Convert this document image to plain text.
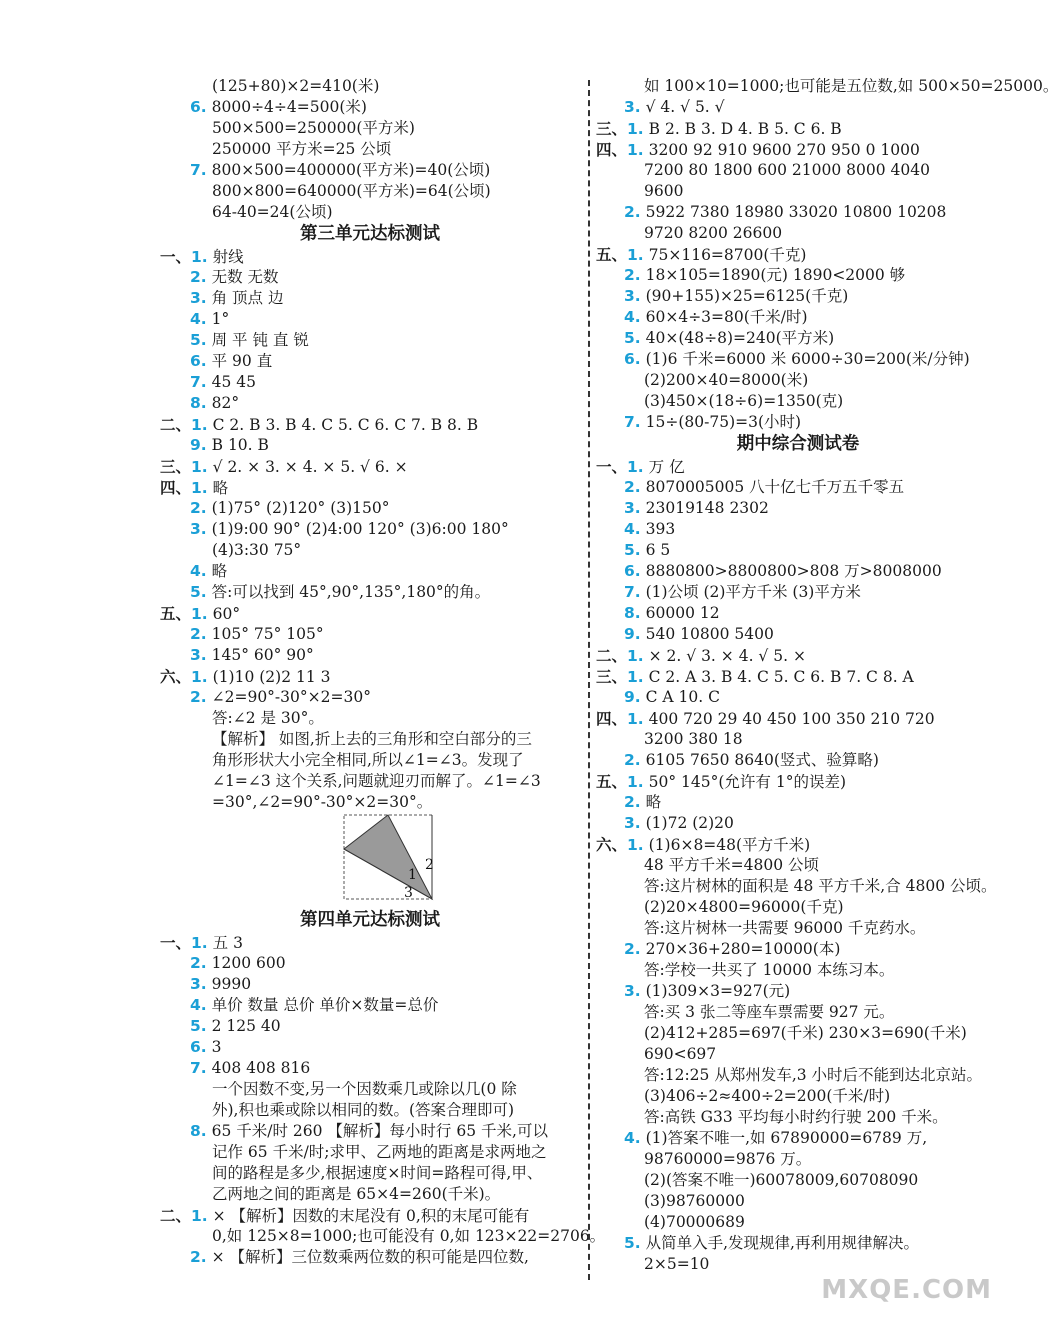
(125+80)×2=410(米)
6. 8000÷4÷4=500(米)
500×500=250000(平方米)
250000 平方米=25 公顷
7. 800×500=400000(平方米)=40(公顷)
800×800=640000(平方米)=64(公顷)
64-40=24(公顷)
第三单元达标测试
一、1. 射线
2. 无数 无数
3. 角 顶点 边
4. 1°
5. 周 平 钝 直 锐
6. 平 90 直
7. 45 45
8. 82°
二、1. C 2. B 3. B 4. C 5. C 6. C 7. B 8. B
9. B 10. B
三、1. √ 2. × 3. × 4. × 5. √ 6. ×
四、1. 略
2. (1)75° (2)120° (3)150°
3. (1)9:00 90° (2)4:00 120° (3)6:00 180°
(4)3:30 75°
4. 略
5. 答:可以找到 45°,90°,135°,180°的角。
五、1. 60°
2. 105° 75° 105°
3. 145° 60° 90°
六、1. (1)10 (2)2 11 3
2. ∠2=90°-30°×2=30°
答:∠2 是 30°。
【解析】 如图,折上去的三角形和空白部分的三
角形形状大小完全相同,所以∠1=∠3。发现了
∠1=∠3 这个关系,问题就迎刃而解了。∠1=∠3
=30°,∠2=90°-30°×2=30°。
1
2
3
第四单元达标测试
一、1. 五 3
2. 1200 600
3. 9990
4. 单价 数量 总价 单价×数量=总价
5. 2 125 40
6. 3
7. 408 408 816
一个因数不变,另一个因数乘几或除以几(0 除
外),积也乘或除以相同的数。(答案合理即可)
8. 65 千米/时 260 【解析】每小时行 65 千米,可以
记作 65 千米/时;求甲、乙两地的距离是求两地之
间的路程是多少,根据速度×时间=路程可得,甲、
乙两地之间的距离是 65×4=260(千米)。
二、1. × 【解析】因数的末尾没有 0,积的末尾可能有
0,如 125×8=1000;也可能没有 0,如 123×22=2706。
2. × 【解析】三位数乘两位数的积可能是四位数,
如 100×10=1000;也可能是五位数,如 500×50=25000。
3. √ 4. √ 5. √
三、1. B 2. B 3. D 4. B 5. C 6. B
四、1. 3200 92 910 9600 270 950 0 1000
7200 80 1800 600 21000 8000 4040
9600
2. 5922 7380 18980 33020 10800 10208
9720 8200 26600
五、1. 75×116=8700(千克)
2. 18×105=1890(元) 1890<2000 够
3. (90+155)×25=6125(千克)
4. 60×4÷3=80(千米/时)
5. 40×(48÷8)=240(平方米)
6. (1)6 千米=6000 米 6000÷30=200(米/分钟)
(2)200×40=8000(米)
(3)450×(18÷6)=1350(克)
7. 15÷(80-75)=3(小时)
期中综合测试卷
一、1. 万 亿
2. 8070005005 八十亿七千万五千零五
3. 23019148 2302
4. 393
5. 6 5
6. 8880800>8800800>808 万>8008000
7. (1)公顷 (2)平方千米 (3)平方米
8. 60000 12
9. 540 10800 5400
二、1. × 2. √ 3. × 4. √ 5. ×
三、1. C 2. A 3. B 4. C 5. C 6. B 7. C 8. A
9. C A 10. C
四、1. 400 720 29 40 450 100 350 210 720
3200 380 18
2. 6105 7650 8640(竖式、验算略)
五、1. 50° 145°(允许有 1°的误差)
2. 略
3. (1)72 (2)20
六、1. (1)6×8=48(平方千米)
48 平方千米=4800 公顷
答:这片树林的面积是 48 平方千米,合 4800 公顷。
(2)20×4800=96000(千克)
答:这片树林一共需要 96000 千克药水。
2. 270×36+280=10000(本)
答:学校一共买了 10000 本练习本。
3. (1)309×3=927(元)
答:买 3 张二等座车票需要 927 元。
(2)412+285=697(千米) 230×3=690(千米)
690<697
答:12:25 从郑州发车,3 小时后不能到达北京站。
(3)406÷2≈400÷2=200(千米/时)
答:高铁 G33 平均每小时约行驶 200 千米。
4. (1)答案不唯一,如 67890000=6789 万,
98760000=9876 万。
(2)(答案不唯一)60078009,60708090
(3)98760000
(4)70000689
5. 从简单入手,发现规律,再利用规律解决。
2×5=10
MXQE.COM
